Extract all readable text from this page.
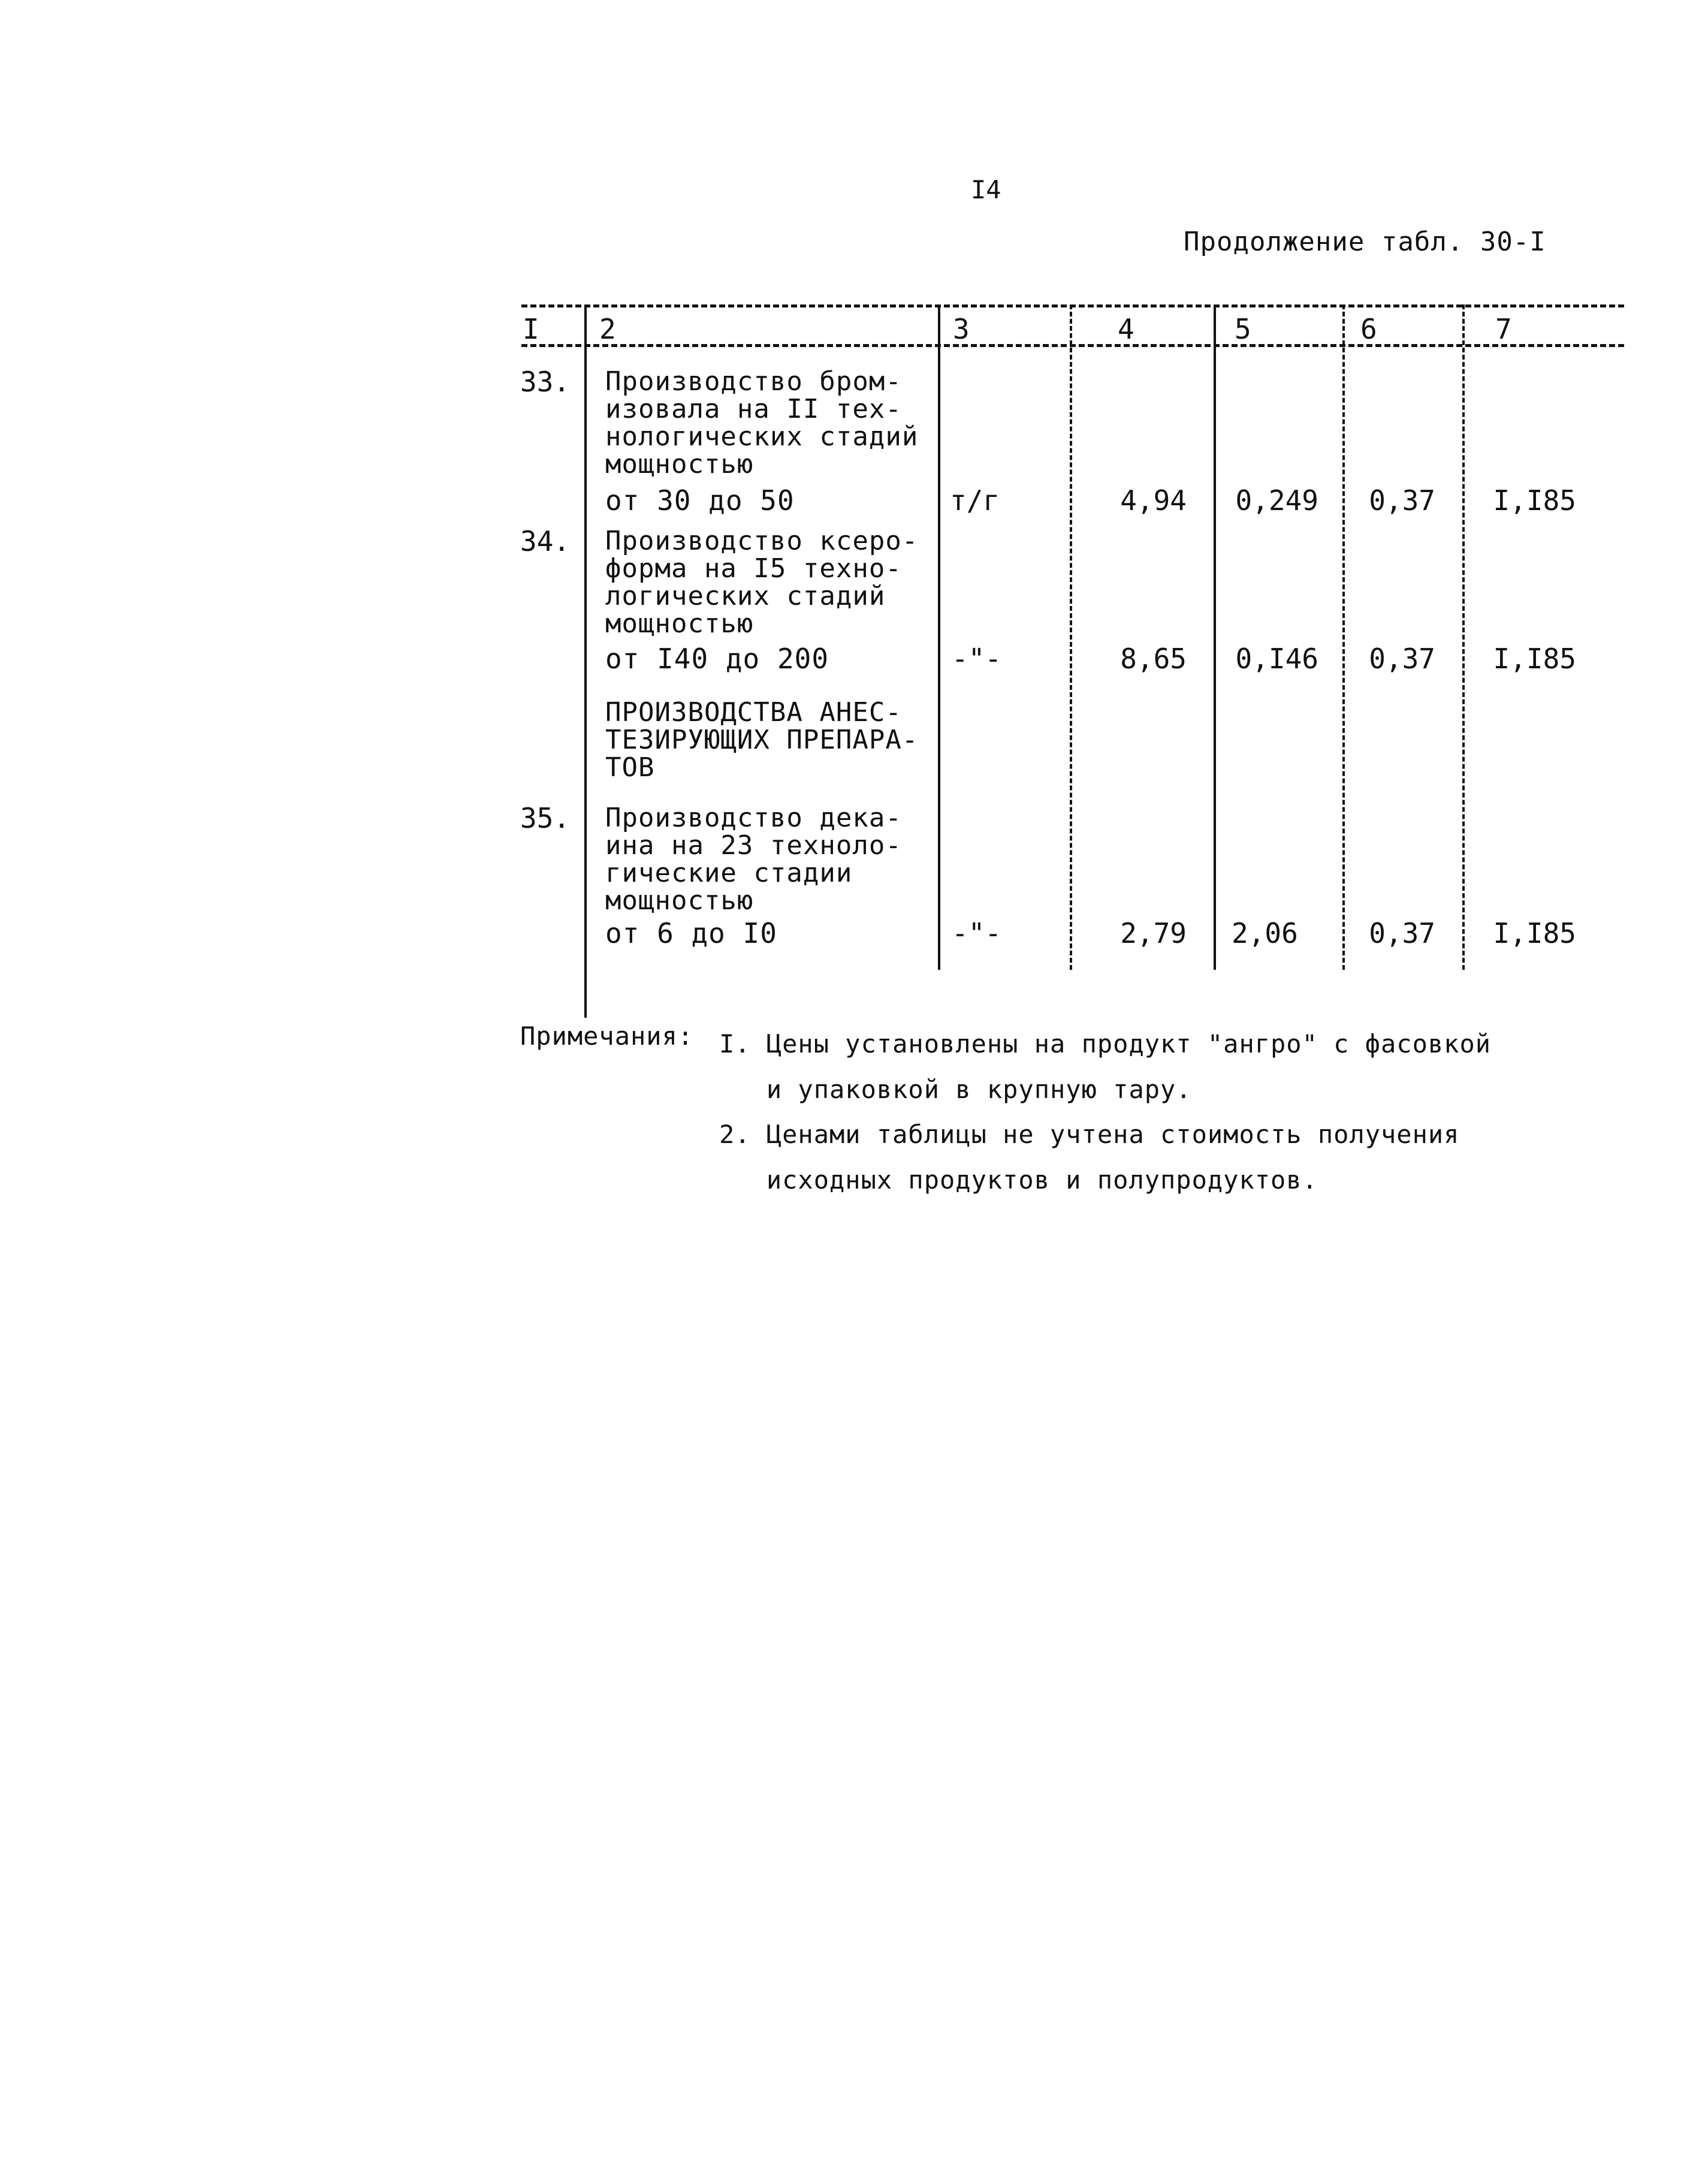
I4
Продолжение табл. 30-I
I 2	3	4	5	6	7
33. Производство бром-
изовала на II тех-
нологических стадий
мощностью
от 30 до 50	т/г	4,94	0,249	0,37	I,I85
34. Производство ксеро-
форма на I5 техно-
логических стадий
мощностью
от I40 до 200	-"-	8,65	0,I46	0,37	I,I85
ПРОИЗВОДСТВА АНЕС-
ТЕЗИРУЮЩИХ ПРЕПАРА-
ТОВ
35. Производство дека-
ина на 23 техноло-
гические стадии
мощностью
от 6 до I0	-"-	2,79	2,06	0,37	I,I85
Примечания: I. Цены установлены на продукт "ангро" с фасовкой
и упаковкой в крупную тару.
2. Ценами таблицы не учтена стоимость получения
исходных продуктов и полупродуктов.
